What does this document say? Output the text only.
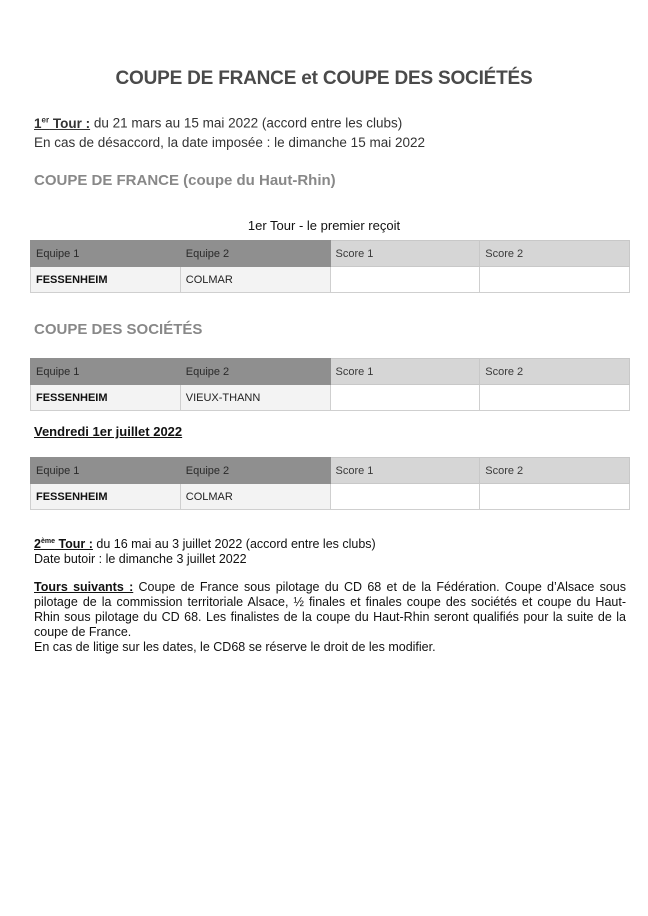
COUPE DE FRANCE et COUPE DES SOCIÉTÉS
1er Tour : du 21 mars au 15 mai 2022 (accord entre les clubs)
En cas de désaccord, la date imposée : le dimanche 15 mai 2022
COUPE DE FRANCE (coupe du Haut-Rhin)
1er Tour - le premier reçoit
Equipe 1	Equipe 2	Score 1	Score 2
FESSENHEIM	COLMAR		
COUPE DES SOCIÉTÉS
Equipe 1	Equipe 2	Score 1	Score 2
FESSENHEIM	VIEUX-THANN		
Vendredi 1er juillet 2022
Equipe 1	Equipe 2	Score 1	Score 2
FESSENHEIM	COLMAR		
2ème Tour : du 16 mai au 3 juillet 2022 (accord entre les clubs)
Date butoir : le dimanche 3 juillet 2022

Tours suivants : Coupe de France sous pilotage du CD 68 et de la Fédération. Coupe d’Alsace sous pilotage de la commission territoriale Alsace, ½ finales et finales coupe des sociétés et coupe du Haut-Rhin sous pilotage du CD 68. Les finalistes de la coupe du Haut-Rhin seront qualifiés pour la suite de la coupe de France.

En cas de litige sur les dates, le CD68 se réserve le droit de les modifier.
